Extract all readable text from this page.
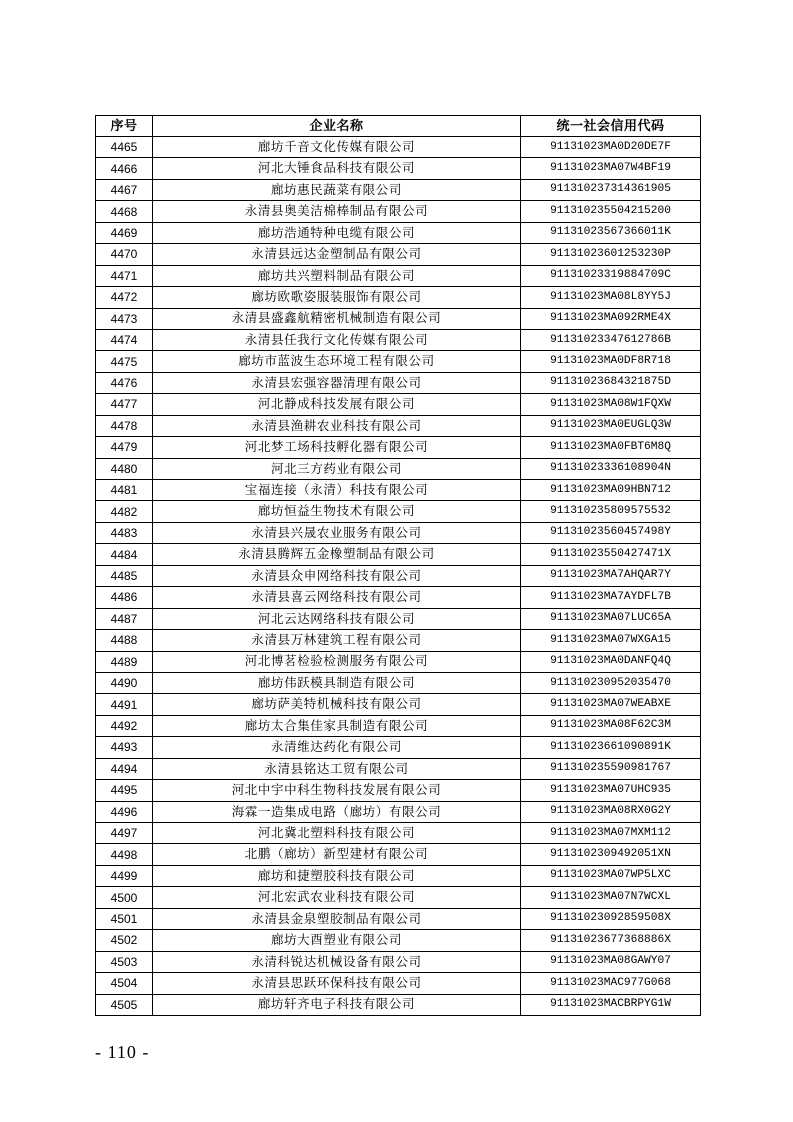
序号	企业名称	统一社会信用代码
4465	廊坊千音文化传媒有限公司	91131023MA0D20DE7F
4466	河北大锤食品科技有限公司	91131023MA07W4BF19
4467	廊坊惠民蔬菜有限公司	911310237314361905
4468	永清县奥美洁棉棒制品有限公司	911310235504215200
4469	廊坊浩通特种电缆有限公司	91131023567366011K
4470	永清县远达金塑制品有限公司	91131023601253230P
4471	廊坊共兴塑料制品有限公司	91131023319884709C
4472	廊坊欧歌姿服装服饰有限公司	91131023MA08L8YY5J
4473	永清县盛鑫航精密机械制造有限公司	91131023MA092RME4X
4474	永清县任我行文化传媒有限公司	91131023347612786B
4475	廊坊市蓝波生态环境工程有限公司	91131023MA0DF8R718
4476	永清县宏强容器清理有限公司	91131023684321875D
4477	河北静成科技发展有限公司	91131023MA08W1FQXW
4478	永清县渔耕农业科技有限公司	91131023MA0EUGLQ3W
4479	河北梦工场科技孵化器有限公司	91131023MA0FBT6M8Q
4480	河北三方药业有限公司	91131023336108904N
4481	宝福连接（永清）科技有限公司	91131023MA09HBN712
4482	廊坊恒益生物技术有限公司	911310235809575532
4483	永清县兴晟农业服务有限公司	91131023560457498Y
4484	永清县腾辉五金橡塑制品有限公司	91131023550427471X
4485	永清县众申网络科技有限公司	91131023MA7AHQAR7Y
4486	永清县喜云网络科技有限公司	91131023MA7AYDFL7B
4487	河北云达网络科技有限公司	91131023MA07LUC65A
4488	永清县万林建筑工程有限公司	91131023MA07WXGA15
4489	河北博茗检验检测服务有限公司	91131023MA0DANFQ4Q
4490	廊坊伟跃模具制造有限公司	911310230952035470
4491	廊坊萨美特机械科技有限公司	91131023MA07WEABXE
4492	廊坊太合集佳家具制造有限公司	91131023MA08F62C3M
4493	永清维达药化有限公司	91131023661090891K
4494	永清县铭达工贸有限公司	911310235590981767
4495	河北中宇中科生物科技发展有限公司	91131023MA07UHC935
4496	海霖一造集成电路（廊坊）有限公司	91131023MA08RX0G2Y
4497	河北冀北塑料科技有限公司	91131023MA07MXM112
4498	北鹏（廊坊）新型建材有限公司	9113102309492051XN
4499	廊坊和捷塑胶科技有限公司	91131023MA07WP5LXC
4500	河北宏武农业科技有限公司	91131023MA07N7WCXL
4501	永清县金泉塑胶制品有限公司	91131023092859508X
4502	廊坊大酉塑业有限公司	91131023677368886X
4503	永清科锐达机械设备有限公司	91131023MA08GAWY07
4504	永清县思跃环保科技有限公司	91131023MAC977G068
4505	廊坊轩齐电子科技有限公司	91131023MACBRPYG1W
- 110 -
